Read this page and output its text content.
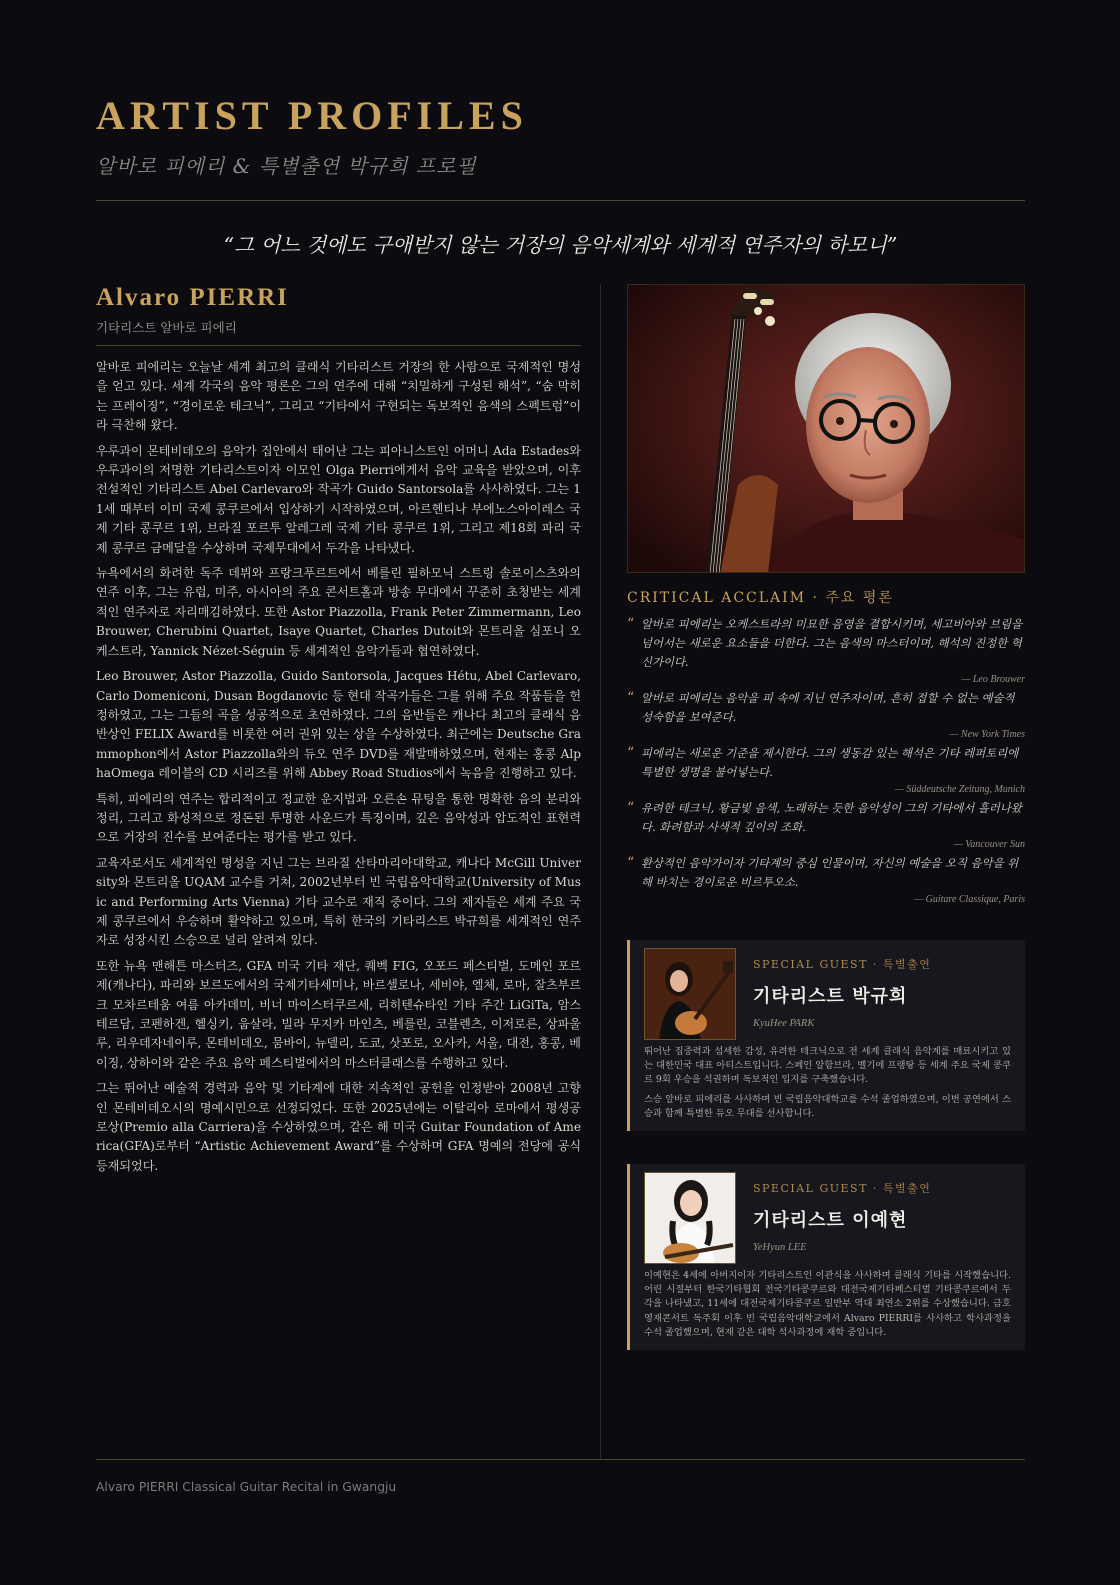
ARTIST PROFILES
알바로 피에리 & 특별출연 박규희 프로필
“그 어느 것에도 구애받지 않는 거장의 음악세계와 세계적 연주자의 하모니”
Alvaro PIERRI
기타리스트 알바로 피에리

알바로 피에리는 오늘날 세계 최고의 클래식 기타리스트 거장의 한 사람으로 국제적인 명성을 얻고 있다. 세계 각국의 음악 평론은 그의 연주에 대해 “치밀하게 구성된 해석”, “숨 막히는 프레이징”, “경이로운 테크닉”, 그리고 “기타에서 구현되는 독보적인 음색의 스펙트럼”이라 극찬해 왔다.

우루과이 몬테비데오의 음악가 집안에서 태어난 그는 피아니스트인 어머니 Ada Estades와 우루과이의 저명한 기타리스트이자 이모인 Olga Pierri에게서 음악 교육을 받았으며, 이후 전설적인 기타리스트 Abel Carlevaro와 작곡가 Guido Santorsola를 사사하였다. 그는 11세 때부터 이미 국제 콩쿠르에서 입상하기 시작하였으며, 아르헨티나 부에노스아이레스 국제 기타 콩쿠르 1위, 브라질 포르투 알레그레 국제 기타 콩쿠르 1위, 그리고 제18회 파리 국제 콩쿠르 금메달을 수상하며 국제무대에서 두각을 나타냈다.

뉴욕에서의 화려한 독주 데뷔와 프랑크푸르트에서 베를린 필하모닉 스트링 솔로이스츠와의 연주 이후, 그는 유럽, 미주, 아시아의 주요 콘서트홀과 방송 무대에서 꾸준히 초청받는 세계적인 연주자로 자리매김하였다. 또한 Astor Piazzolla, Frank Peter Zimmermann, Leo Brouwer, Cherubini Quartet, Isaye Quartet, Charles Dutoit와 몬트리올 심포니 오케스트라, Yannick Nézet-Séguin 등 세계적인 음악가들과 협연하였다.

Leo Brouwer, Astor Piazzolla, Guido Santorsola, Jacques Hétu, Abel Carlevaro, Carlo Domeniconi, Dusan Bogdanovic 등 현대 작곡가들은 그를 위해 주요 작품들을 헌정하였고, 그는 그들의 곡을 성공적으로 초연하였다. 그의 음반들은 캐나다 최고의 클래식 음반상인 FELIX Award를 비롯한 여러 권위 있는 상을 수상하였다. 최근에는 Deutsche Grammophon에서 Astor Piazzolla와의 듀오 연주 DVD를 재발매하였으며, 현재는 홍콩 AlphaOmega 레이블의 CD 시리즈를 위해 Abbey Road Studios에서 녹음을 진행하고 있다.

특히, 피에리의 연주는 합리적이고 정교한 운지법과 오른손 뮤팅을 통한 명확한 음의 분리와 정리, 그리고 화성적으로 정돈된 투명한 사운드가 특징이며, 깊은 음악성과 압도적인 표현력으로 거장의 진수를 보여준다는 평가를 받고 있다.

교육자로서도 세계적인 명성을 지닌 그는 브라질 산타마리아대학교, 캐나다 McGill University와 몬트리올 UQAM 교수를 거쳐, 2002년부터 빈 국립음악대학교(University of Music and Performing Arts Vienna) 기타 교수로 재직 중이다. 그의 제자들은 세계 주요 국제 콩쿠르에서 우승하며 활약하고 있으며, 특히 한국의 기타리스트 박규희를 세계적인 연주자로 성장시킨 스승으로 널리 알려져 있다.

또한 뉴욕 맨해튼 마스터즈, GFA 미국 기타 재단, 퀘벡 FIG, 오포드 페스티벌, 도메인 포르제(캐나다), 파리와 보르도에서의 국제기타세미나, 바르셀로나, 세비야, 엘체, 로마, 잘츠부르크 모차르테움 여름 아카데미, 비너 마이스터쿠르세, 리히텐슈타인 기타 주간 LiGiTa, 암스테르담, 코펜하겐, 헬싱키, 웁살라, 빌라 무지카 마인츠, 베를린, 코블렌츠, 이저로른, 상파울루, 리우데자네이루, 몬테비데오, 뭄바이, 뉴델리, 도쿄, 삿포로, 오사카, 서울, 대전, 홍콩, 베이징, 상하이와 같은 주요 음악 페스티벌에서의 마스터클래스를 수행하고 있다.

그는 뛰어난 예술적 경력과 음악 및 기타계에 대한 지속적인 공헌을 인정받아 2008년 고향인 몬테비데오시의 명예시민으로 선정되었다. 또한 2025년에는 이탈리아 로마에서 평생공로상(Premio alla Carriera)을 수상하였으며, 같은 해 미국 Guitar Foundation of America(GFA)로부터 “Artistic Achievement Award”를 수상하며 GFA 명예의 전당에 공식 등재되었다.

CRITICAL ACCLAIM · 주요 평론
“ 알바로 피에리는 오케스트라의 미묘한 음영을 결합시키며, 세고비아와 브림을 넘어서는 새로운 요소들을 더한다. 그는 음색의 마스터이며, 해석의 진정한 혁신가이다.
— Leo Brouwer
“ 알바로 피에리는 음악을 피 속에 지닌 연주자이며, 흔히 접할 수 없는 예술적 성숙함을 보여준다.
— New York Times
“ 피에리는 새로운 기준을 제시한다. 그의 생동감 있는 해석은 기타 레퍼토리에 특별한 생명을 불어넣는다.
— Süddeutsche Zeitung, Munich
“ 유려한 테크닉, 황금빛 음색, 노래하는 듯한 음악성이 그의 기타에서 흘러나왔다. 화려함과 사색적 깊이의 조화.
— Vancouver Sun
“ 환상적인 음악가이자 기타계의 중심 인물이며, 자신의 예술을 오직 음악을 위해 바치는 경이로운 비르투오소.
— Guitare Classique, Paris
SPECIAL GUEST · 특별출연
기타리스트 박규희
KyuHee PARK

뛰어난 집중력과 섬세한 감성, 유려한 테크닉으로 전 세계 클래식 음악계를 매료시키고 있는 대한민국 대표 아티스트입니다. 스페인 알함브라, 벨기에 프랭탕 등 세계 주요 국제 콩쿠르 9회 우승을 석권하며 독보적인 입지를 구축했습니다.

스승 알바로 피에리를 사사하며 빈 국립음악대학교를 수석 졸업하였으며, 이번 공연에서 스승과 함께 특별한 듀오 무대를 선사합니다.

SPECIAL GUEST · 특별출연
기타리스트 이예현
YeHyun LEE

이예현은 4세에 아버지이자 기타리스트인 이관식을 사사하며 클래식 기타를 시작했습니다. 어린 시절부터 한국기타협회 전국기타콩쿠르와 대전국제기타페스티벌 기타콩쿠르에서 두각을 나타냈고, 11세에 대전국제기타콩쿠르 일반부 역대 최연소 2위를 수상했습니다. 금호영재콘서트 독주회 이후 빈 국립음악대학교에서 Alvaro PIERRI를 사사하고 학사과정을 수석 졸업했으며, 현재 같은 대학 석사과정에 재학 중입니다.

Alvaro PIERRI Classical Guitar Recital in Gwangju
